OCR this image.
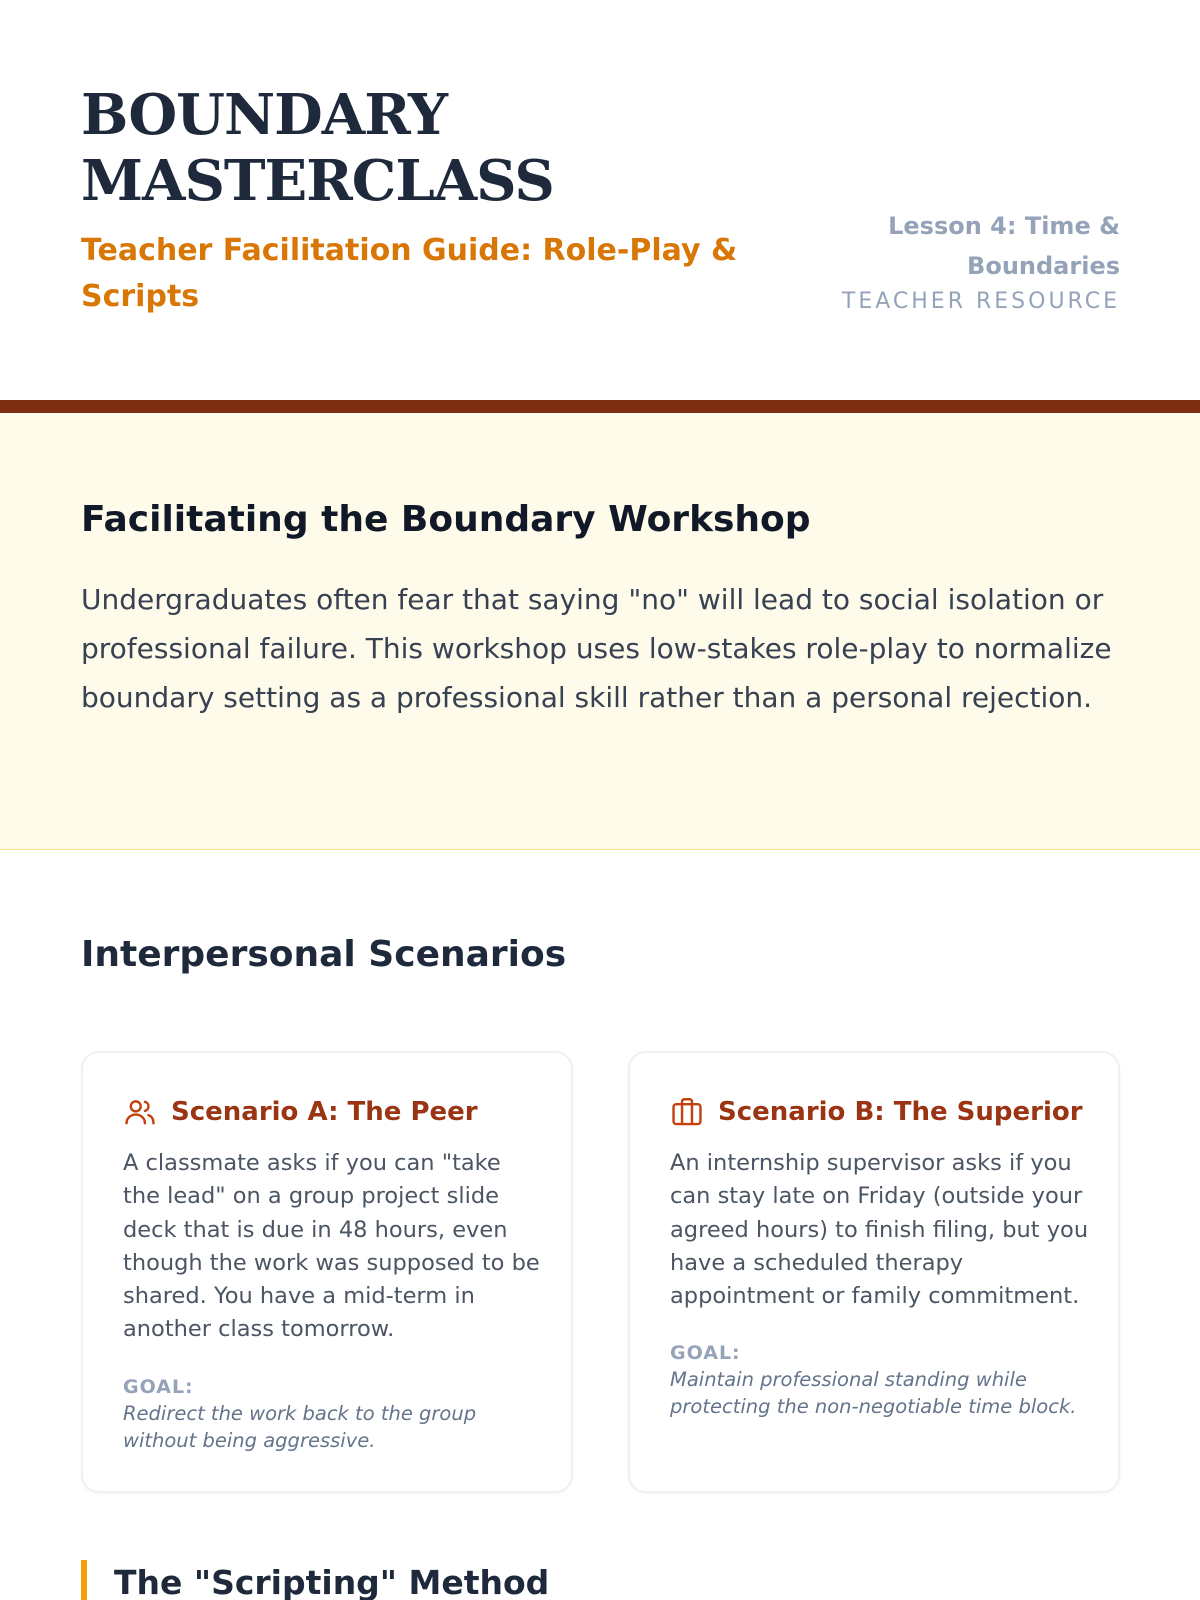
BOUNDARY MASTERCLASS
Teacher Facilitation Guide: Role-Play & Scripts
Lesson 4: Time & Boundaries
TEACHER RESOURCE
Facilitating the Boundary Workshop

Undergraduates often fear that saying "no" will lead to social isolation or professional failure. This workshop uses low-stakes role-play to normalize boundary setting as a professional skill rather than a personal rejection.

Interpersonal Scenarios
Scenario A: The Peer

A classmate asks if you can "take the lead" on a group project slide deck that is due in 48 hours, even though the work was supposed to be shared. You have a mid-term in another class tomorrow.

GOAL:
Redirect the work back to the group without being aggressive.
Scenario B: The Superior

An internship supervisor asks if you can stay late on Friday (outside your agreed hours) to finish filing, but you have a scheduled therapy appointment or family commitment.

GOAL:
Maintain professional standing while protecting the non-negotiable time block.
The "Scripting" Method
